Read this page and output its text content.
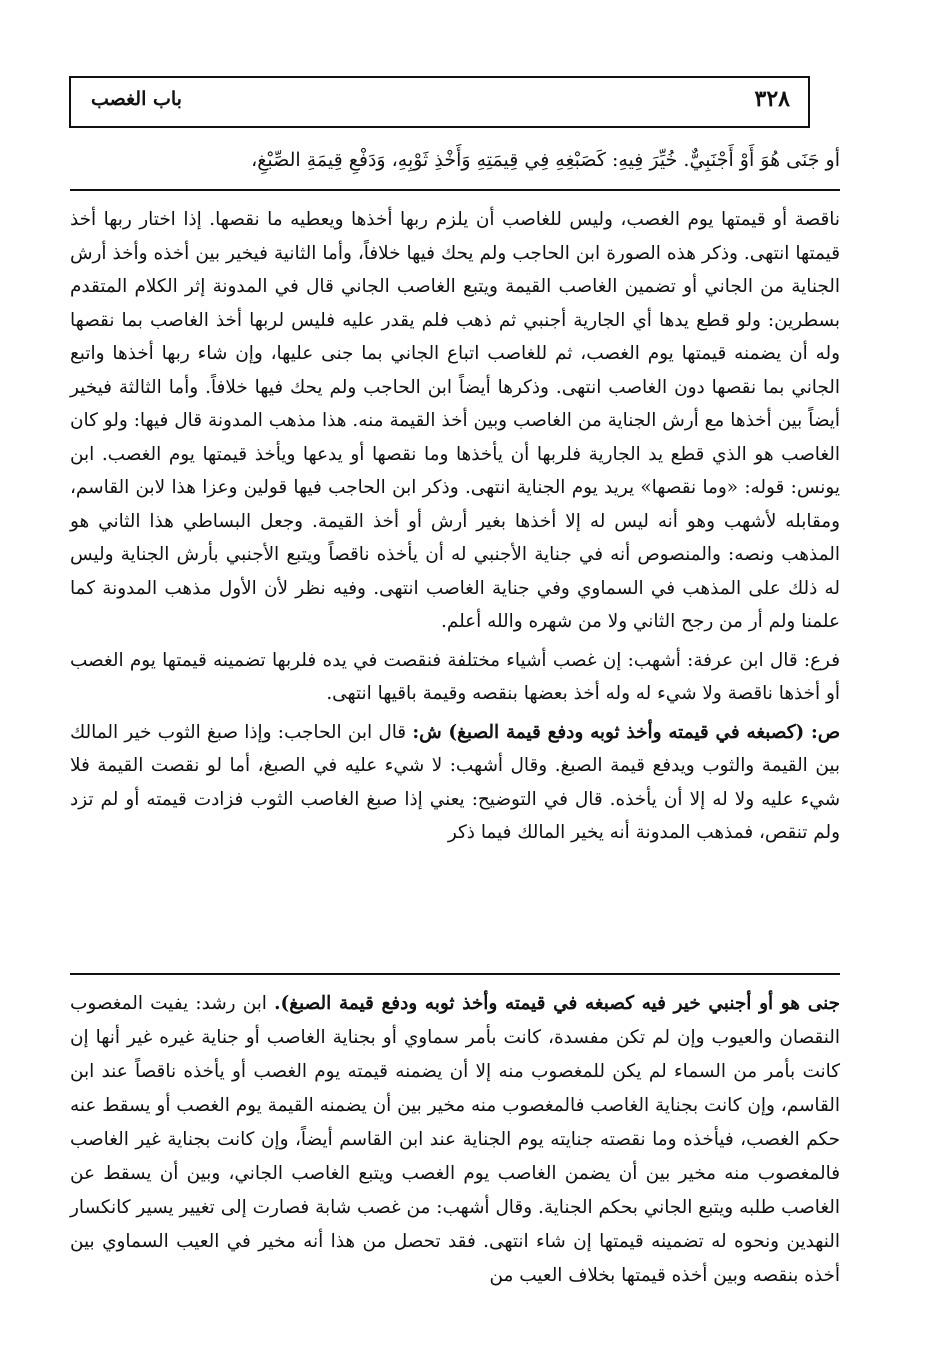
٣٢٨
باب الغصب
أو جَنَى هُوَ أَوْ أَجْنَبِيٌّ. خُيِّرَ فِيهِ: كَصَبْغِهِ فِي قِيمَتِهِ وَأَخْذِ ثَوْبِهِ، وَدَفْعِ قِيمَةِ الصِّبْغِ،

ناقصة أو قيمتها يوم الغصب، وليس للغاصب أن يلزم ربها أخذها ويعطيه ما نقصها. إذا اختار ربها أخذ قيمتها انتهى. وذكر هذه الصورة ابن الحاجب ولم يحك فيها خلافاً، وأما الثانية فيخير بين أخذه وأخذ أرش الجناية من الجاني أو تضمين الغاصب القيمة ويتبع الغاصب الجاني قال في المدونة إثر الكلام المتقدم بسطرين: ولو قطع يدها أي الجارية أجنبي ثم ذهب فلم يقدر عليه فليس لربها أخذ الغاصب بما نقصها وله أن يضمنه قيمتها يوم الغصب، ثم للغاصب اتباع الجاني بما جنى عليها، وإن شاء ربها أخذها واتبع الجاني بما نقصها دون الغاصب انتهى. وذكرها أيضاً ابن الحاجب ولم يحك فيها خلافاً. وأما الثالثة فيخير أيضاً بين أخذها مع أرش الجناية من الغاصب وبين أخذ القيمة منه. هذا مذهب المدونة قال فيها: ولو كان الغاصب هو الذي قطع يد الجارية فلربها أن يأخذها وما نقصها أو يدعها ويأخذ قيمتها يوم الغصب. ابن يونس: قوله: «وما نقصها» يريد يوم الجناية انتهى. وذكر ابن الحاجب فيها قولين وعزا هذا لابن القاسم، ومقابله لأشهب وهو أنه ليس له إلا أخذها بغير أرش أو أخذ القيمة. وجعل البساطي هذا الثاني هو المذهب ونصه: والمنصوص أنه في جناية الأجنبي له أن يأخذه ناقصاً ويتبع الأجنبي بأرش الجناية وليس له ذلك على المذهب في السماوي وفي جناية الغاصب انتهى. وفيه نظر لأن الأول مذهب المدونة كما علمنا ولم أر من رجح الثاني ولا من شهره والله أعلم.

فرع: قال ابن عرفة: أشهب: إن غصب أشياء مختلفة فنقصت في يده فلربها تضمينه قيمتها يوم الغصب أو أخذها ناقصة ولا شيء له وله أخذ بعضها بنقصه وقيمة باقيها انتهى.

ص: (كصبغه في قيمته وأخذ ثوبه ودفع قيمة الصبغ) ش: قال ابن الحاجب: وإذا صبغ الثوب خير المالك بين القيمة والثوب ويدفع قيمة الصبغ. وقال أشهب: لا شيء عليه في الصبغ، أما لو نقصت القيمة فلا شيء عليه ولا له إلا أن يأخذه. قال في التوضيح: يعني إذا صبغ الغاصب الثوب فزادت قيمته أو لم تزد ولم تنقص، فمذهب المدونة أنه يخير المالك فيما ذكر

جنى هو أو أجنبي خير فيه كصبغه في قيمته وأخذ ثوبه ودفع قيمة الصبغ). ابن رشد: يفيت المغصوب النقصان والعيوب وإن لم تكن مفسدة، كانت بأمر سماوي أو بجناية الغاصب أو جناية غيره غير أنها إن كانت بأمر من السماء لم يكن للمغصوب منه إلا أن يضمنه قيمته يوم الغصب أو يأخذه ناقصاً عند ابن القاسم، وإن كانت بجناية الغاصب فالمغصوب منه مخير بين أن يضمنه القيمة يوم الغصب أو يسقط عنه حكم الغصب، فيأخذه وما نقصته جنايته يوم الجناية عند ابن القاسم أيضاً، وإن كانت بجناية غير الغاصب فالمغصوب منه مخير بين أن يضمن الغاصب يوم الغصب ويتبع الغاصب الجاني، وبين أن يسقط عن الغاصب طلبه ويتبع الجاني بحكم الجناية. وقال أشهب: من غصب شابة فصارت إلى تغيير يسير كانكسار النهدين ونحوه له تضمينه قيمتها إن شاء انتهى. فقد تحصل من هذا أنه مخير في العيب السماوي بين أخذه بنقصه وبين أخذه قيمتها بخلاف العيب من
